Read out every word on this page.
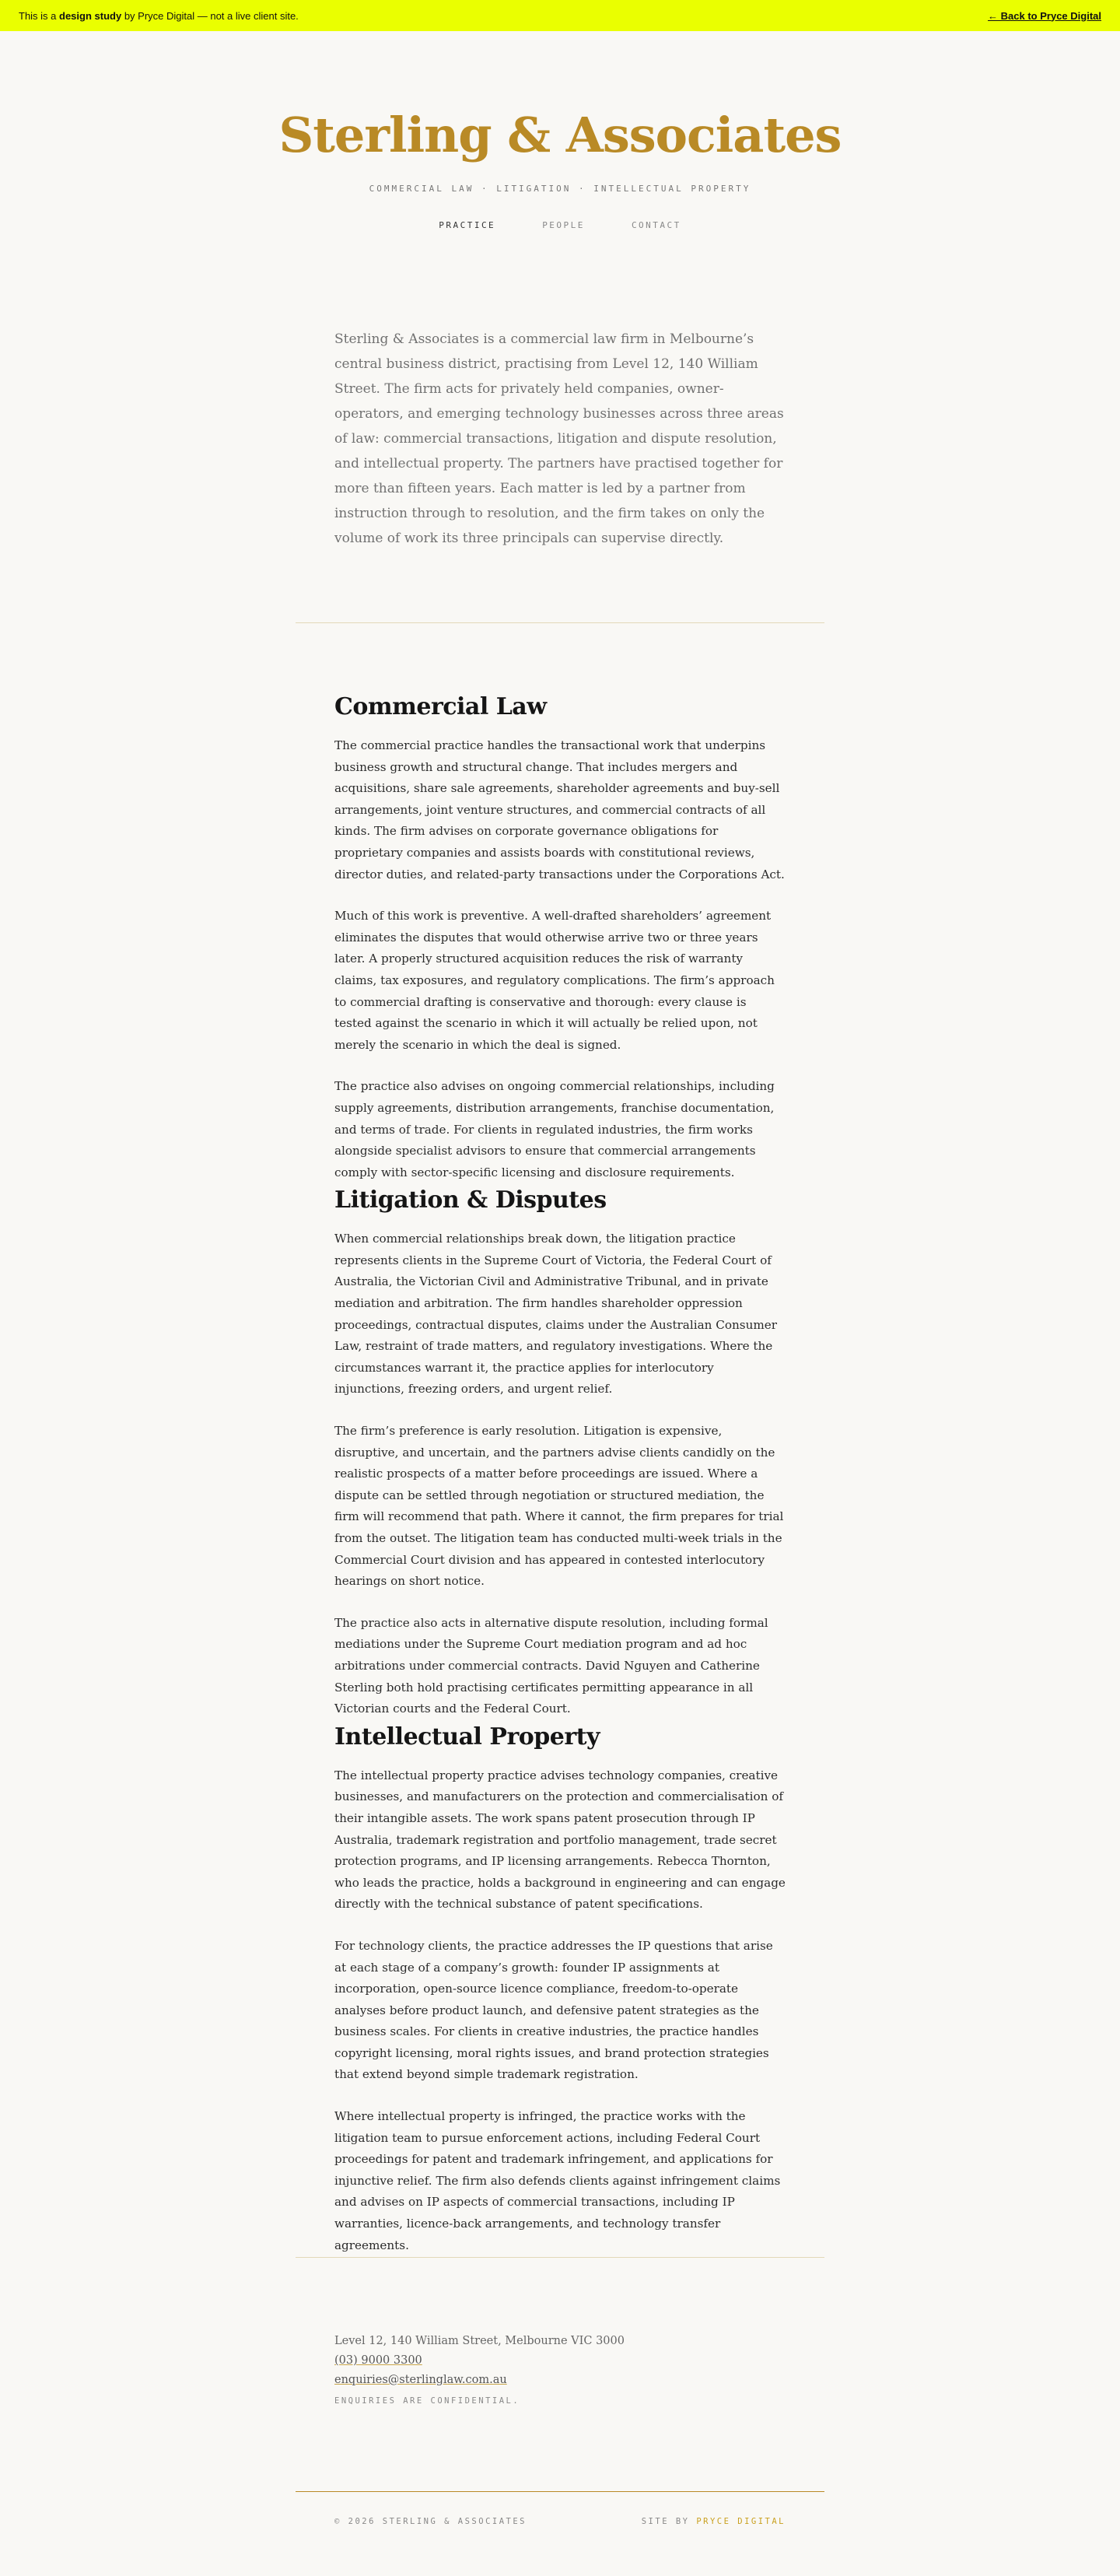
This is a design study by Pryce Digital — not a live client site.	← Back to Pryce Digital
Sterling & Associates
COMMERCIAL LAW · LITIGATION · INTELLECTUAL PROPERTY
PRACTICE	PEOPLE	CONTACT

Sterling & Associates is a commercial law firm in Melbourne’s central business district, practising from Level 12, 140 William Street. The firm acts for privately held companies, owner-operators, and emerging technology businesses across three areas of law: commercial transactions, litigation and dispute resolution, and intellectual property. The partners have practised together for more than fifteen years. Each matter is led by a partner from instruction through to resolution, and the firm takes on only the volume of work its three principals can supervise directly.

Commercial Law

The commercial practice handles the transactional work that underpins business growth and structural change. That includes mergers and acquisitions, share sale agreements, shareholder agreements and buy-sell arrangements, joint venture structures, and commercial contracts of all kinds. The firm advises on corporate governance obligations for proprietary companies and assists boards with constitutional reviews, director duties, and related-party transactions under the Corporations Act.

Much of this work is preventive. A well-drafted shareholders’ agreement eliminates the disputes that would otherwise arrive two or three years later. A properly structured acquisition reduces the risk of warranty claims, tax exposures, and regulatory complications. The firm’s approach to commercial drafting is conservative and thorough: every clause is tested against the scenario in which it will actually be relied upon, not merely the scenario in which the deal is signed.

The practice also advises on ongoing commercial relationships, including supply agreements, distribution arrangements, franchise documentation, and terms of trade. For clients in regulated industries, the firm works alongside specialist advisors to ensure that commercial arrangements comply with sector-specific licensing and disclosure requirements.

Litigation & Disputes

When commercial relationships break down, the litigation practice represents clients in the Supreme Court of Victoria, the Federal Court of Australia, the Victorian Civil and Administrative Tribunal, and in private mediation and arbitration. The firm handles shareholder oppression proceedings, contractual disputes, claims under the Australian Consumer Law, restraint of trade matters, and regulatory investigations. Where the circumstances warrant it, the practice applies for interlocutory injunctions, freezing orders, and urgent relief.

The firm’s preference is early resolution. Litigation is expensive, disruptive, and uncertain, and the partners advise clients candidly on the realistic prospects of a matter before proceedings are issued. Where a dispute can be settled through negotiation or structured mediation, the firm will recommend that path. Where it cannot, the firm prepares for trial from the outset. The litigation team has conducted multi-week trials in the Commercial Court division and has appeared in contested interlocutory hearings on short notice.

The practice also acts in alternative dispute resolution, including formal mediations under the Supreme Court mediation program and ad hoc arbitrations under commercial contracts. David Nguyen and Catherine Sterling both hold practising certificates permitting appearance in all Victorian courts and the Federal Court.

Intellectual Property

The intellectual property practice advises technology companies, creative businesses, and manufacturers on the protection and commercialisation of their intangible assets. The work spans patent prosecution through IP Australia, trademark registration and portfolio management, trade secret protection programs, and IP licensing arrangements. Rebecca Thornton, who leads the practice, holds a background in engineering and can engage directly with the technical substance of patent specifications.

For technology clients, the practice addresses the IP questions that arise at each stage of a company’s growth: founder IP assignments at incorporation, open-source licence compliance, freedom-to-operate analyses before product launch, and defensive patent strategies as the business scales. For clients in creative industries, the practice handles copyright licensing, moral rights issues, and brand protection strategies that extend beyond simple trademark registration.

Where intellectual property is infringed, the practice works with the litigation team to pursue enforcement actions, including Federal Court proceedings for patent and trademark infringement, and applications for injunctive relief. The firm also defends clients against infringement claims and advises on IP aspects of commercial transactions, including IP warranties, licence-back arrangements, and technology transfer agreements.

Level 12, 140 William Street, Melbourne VIC 3000
(03) 9000 3300
enquiries@sterlinglaw.com.au
ENQUIRIES ARE CONFIDENTIAL.
© 2026 STERLING & ASSOCIATES	SITE BY PRYCE DIGITAL
